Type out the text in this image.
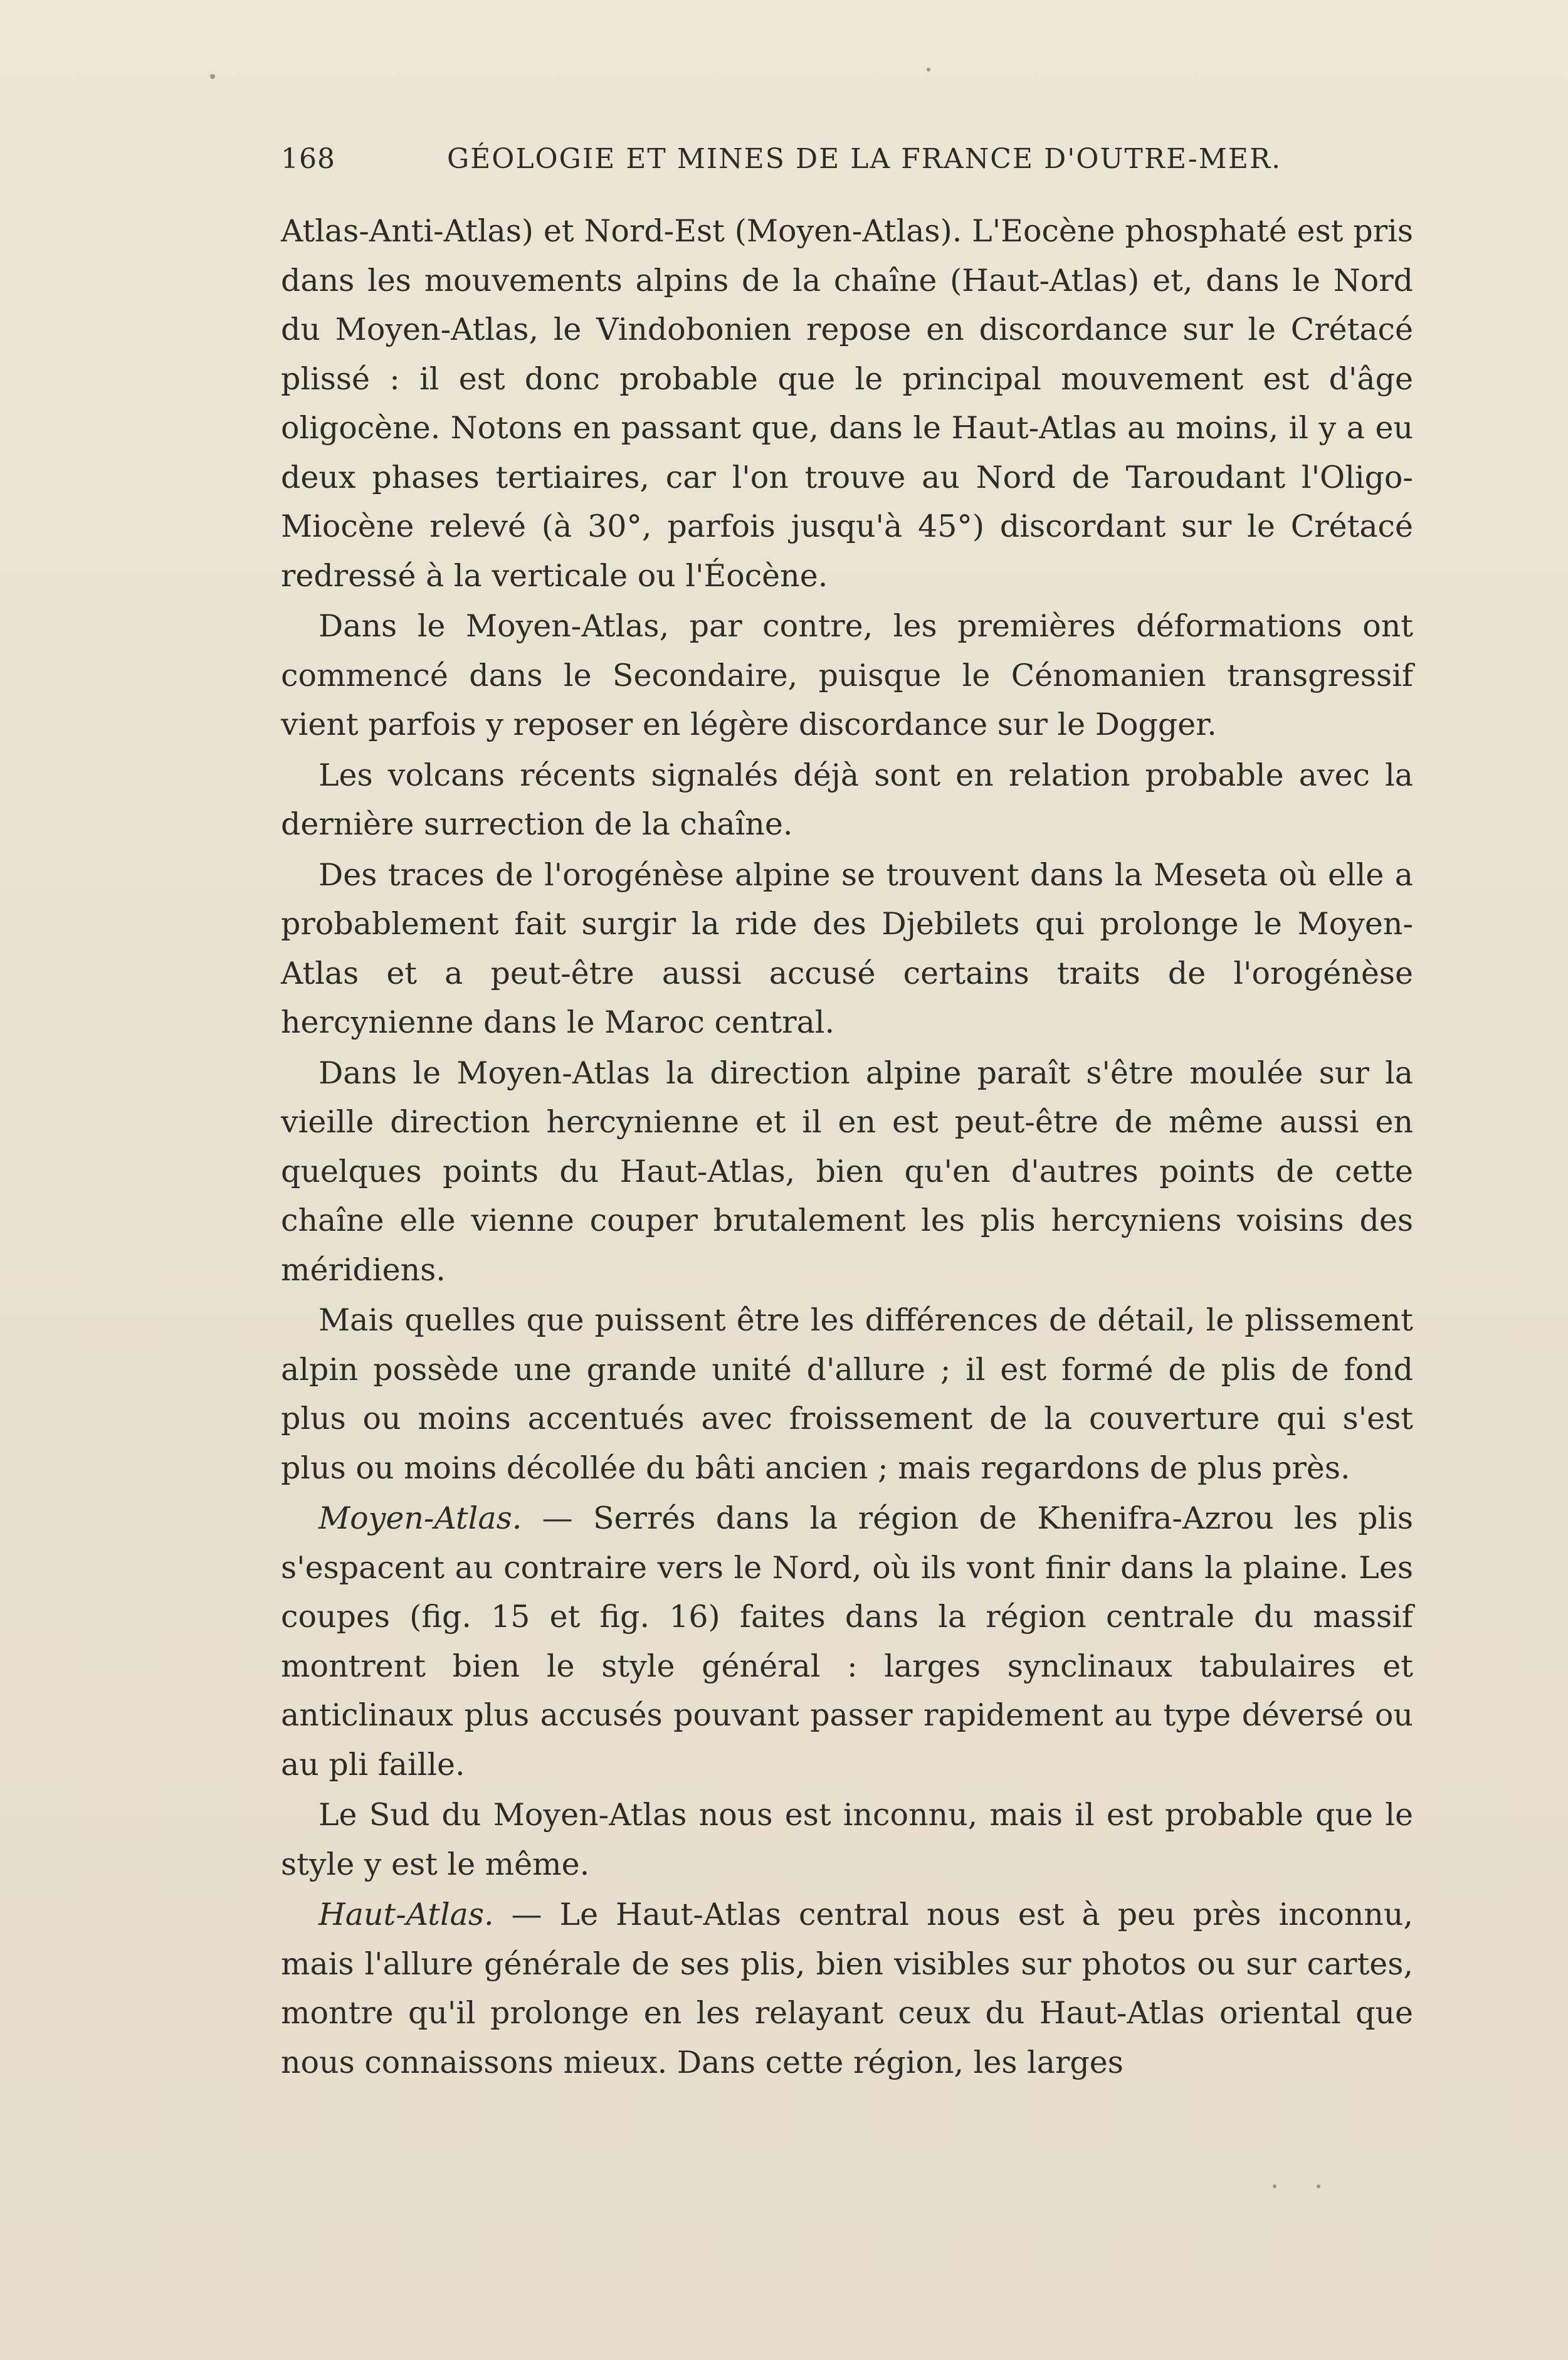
168	GÉOLOGIE ET MINES DE LA FRANCE D'OUTRE-MER.

Atlas-Anti-Atlas) et Nord-Est (Moyen-Atlas). L'Eocène phosphaté est pris dans les mouvements alpins de la chaîne (Haut-Atlas) et, dans le Nord du Moyen-Atlas, le Vindobonien repose en discordance sur le Crétacé plissé : il est donc probable que le principal mouvement est d'âge oligocène. Notons en passant que, dans le Haut-Atlas au moins, il y a eu deux phases tertiaires, car l'on trouve au Nord de Taroudant l'Oligo-Miocène relevé (à 30°, parfois jusqu'à 45°) discordant sur le Crétacé redressé à la verticale ou l'Éocène.

Dans le Moyen-Atlas, par contre, les premières déformations ont commencé dans le Secondaire, puisque le Cénomanien transgressif vient parfois y reposer en légère discordance sur le Dogger.

Les volcans récents signalés déjà sont en relation probable avec la dernière surrection de la chaîne.

Des traces de l'orogénèse alpine se trouvent dans la Meseta où elle a probablement fait surgir la ride des Djebilets qui prolonge le Moyen-Atlas et a peut-être aussi accusé certains traits de l'orogénèse hercynienne dans le Maroc central.

Dans le Moyen-Atlas la direction alpine paraît s'être moulée sur la vieille direction hercynienne et il en est peut-être de même aussi en quelques points du Haut-Atlas, bien qu'en d'autres points de cette chaîne elle vienne couper brutalement les plis hercyniens voisins des méridiens.

Mais quelles que puissent être les différences de détail, le plissement alpin possède une grande unité d'allure ; il est formé de plis de fond plus ou moins accentués avec froissement de la couverture qui s'est plus ou moins décollée du bâti ancien ; mais regardons de plus près.

Moyen-Atlas. — Serrés dans la région de Khenifra-Azrou les plis s'espacent au contraire vers le Nord, où ils vont finir dans la plaine. Les coupes (fig. 15 et fig. 16) faites dans la région centrale du massif montrent bien le style général : larges synclinaux tabulaires et anticlinaux plus accusés pouvant passer rapidement au type déversé ou au pli faille.

Le Sud du Moyen-Atlas nous est inconnu, mais il est probable que le style y est le même.

Haut-Atlas. — Le Haut-Atlas central nous est à peu près inconnu, mais l'allure générale de ses plis, bien visibles sur photos ou sur cartes, montre qu'il prolonge en les relayant ceux du Haut-Atlas oriental que nous connaissons mieux. Dans cette région, les larges
